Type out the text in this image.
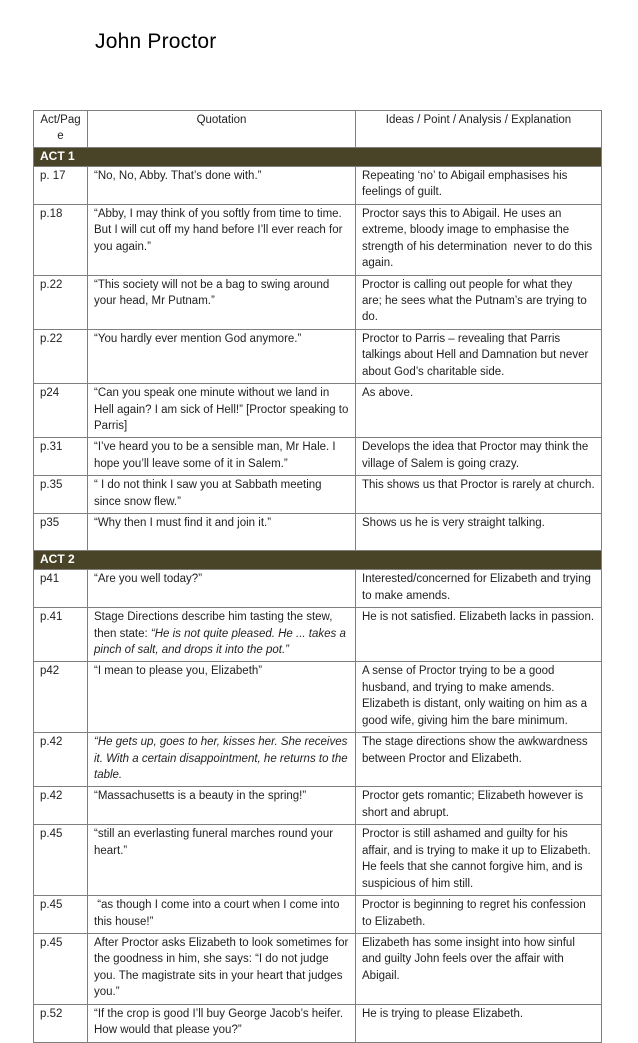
John Proctor
Act/Page	Quotation	Ideas / Point / Analysis / Explanation
ACT 1		
p. 17	“No, No, Abby. That’s done with.”	Repeating ‘no’ to Abigail emphasises his feelings of guilt.
p.18	“Abby, I may think of you softly from time to time. But I will cut off my hand before I’ll ever reach for you again.”	Proctor says this to Abigail. He uses an extreme, bloody image to emphasise the strength of his determination  never to do this again.
p.22	“This society will not be a bag to swing around your head, Mr Putnam.”	Proctor is calling out people for what they are; he sees what the Putnam’s are trying to do.
p.22	“You hardly ever mention God anymore.”	Proctor to Parris – revealing that Parris talkings about Hell and Damnation but never about God’s charitable side.
p24	“Can you speak one minute without we land in Hell again? I am sick of Hell!” [Proctor speaking to Parris]	As above.
p.31	“I’ve heard you to be a sensible man, Mr Hale. I hope you’ll leave some of it in Salem.”	Develops the idea that Proctor may think the village of Salem is going crazy.
p.35	“ I do not think I saw you at Sabbath meeting since snow flew.”	This shows us that Proctor is rarely at church.
p35	“Why then I must find it and join it.”	Shows us he is very straight talking.
ACT 2		
p41	“Are you well today?”	Interested/concerned for Elizabeth and trying to make amends.
p.41	Stage Directions describe him tasting the stew, then state: “He is not quite pleased. He ... takes a pinch of salt, and drops it into the pot.”	He is not satisfied. Elizabeth lacks in passion.
p42	“I mean to please you, Elizabeth”	A sense of Proctor trying to be a good husband, and trying to make amends. Elizabeth is distant, only waiting on him as a good wife, giving him the bare minimum.
p.42	“He gets up, goes to her, kisses her. She receives it. With a certain disappointment, he returns to the table.	The stage directions show the awkwardness between Proctor and Elizabeth.
p.42	“Massachusetts is a beauty in the spring!”	Proctor gets romantic; Elizabeth however is short and abrupt.
p.45	“still an everlasting funeral marches round your heart.”	Proctor is still ashamed and guilty for his affair, and is trying to make it up to Elizabeth. He feels that she cannot forgive him, and is suspicious of him still.
p.45	“as though I come into a court when I come into this house!”	Proctor is beginning to regret his confession to Elizabeth.
p.45	After Proctor asks Elizabeth to look sometimes for the goodness in him, she says: “I do not judge you. The magistrate sits in your heart that judges you.”	Elizabeth has some insight into how sinful and guilty John feels over the affair with Abigail.
p.52	“If the crop is good I’ll buy George Jacob’s heifer. How would that please you?”	He is trying to please Elizabeth.
